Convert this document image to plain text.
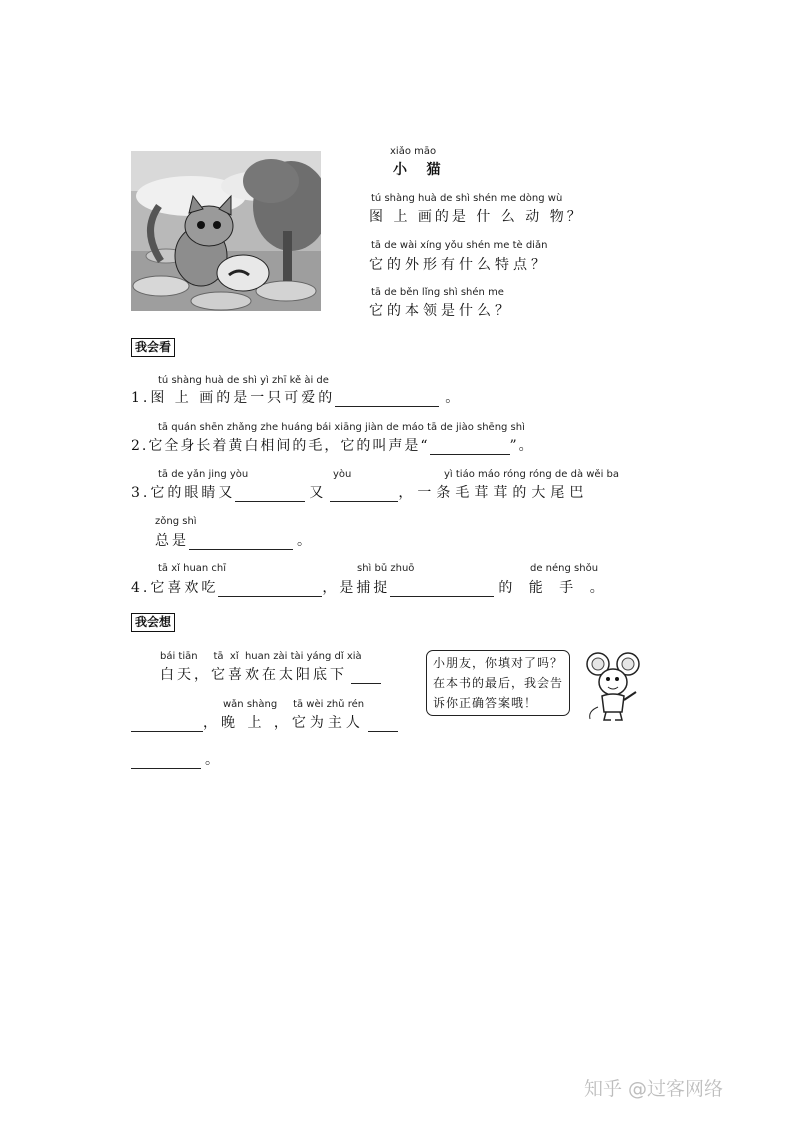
xiǎo māo
小    猫
tú shàng huà de shì shén me dòng wù
图 上 画的是 什 么 动 物？
tā de wài xíng yǒu shén me tè diǎn
它的外形有什么特点？
tā de běn lǐng shì shén me
它的本领是什么？
我会看
tú shàng huà de shì yì zhī kě ài de
1.图 上 画的是一只可爱的	。
tā quán shēn zhǎng zhe huáng bái xiāng jiàn de máo tā de jiào shēng shì
2.它全身长着黄白相间的毛，它的叫声是“	”。
tā de yǎn jing yòu	yòu	yì tiáo máo róng róng de dà wěi ba
3.它的眼睛又	又	，一条毛茸茸的大尾巴
zǒng shì
总是	。
tā xǐ huan chī	shì bǔ zhuō	de néng shǒu
4.它喜欢吃	，是捕捉	的 能 手 。
我会想
bái tiān     tā  xǐ  huan zài tài yáng dǐ xià
白天，它喜欢在太阳底下
wǎn shàng     tā wèi zhǔ rén
，晚 上 ，它为主人
。
小朋友，你填对了吗？
在本书的最后，我会告
诉你正确答案哦！
知乎 @过客网络
